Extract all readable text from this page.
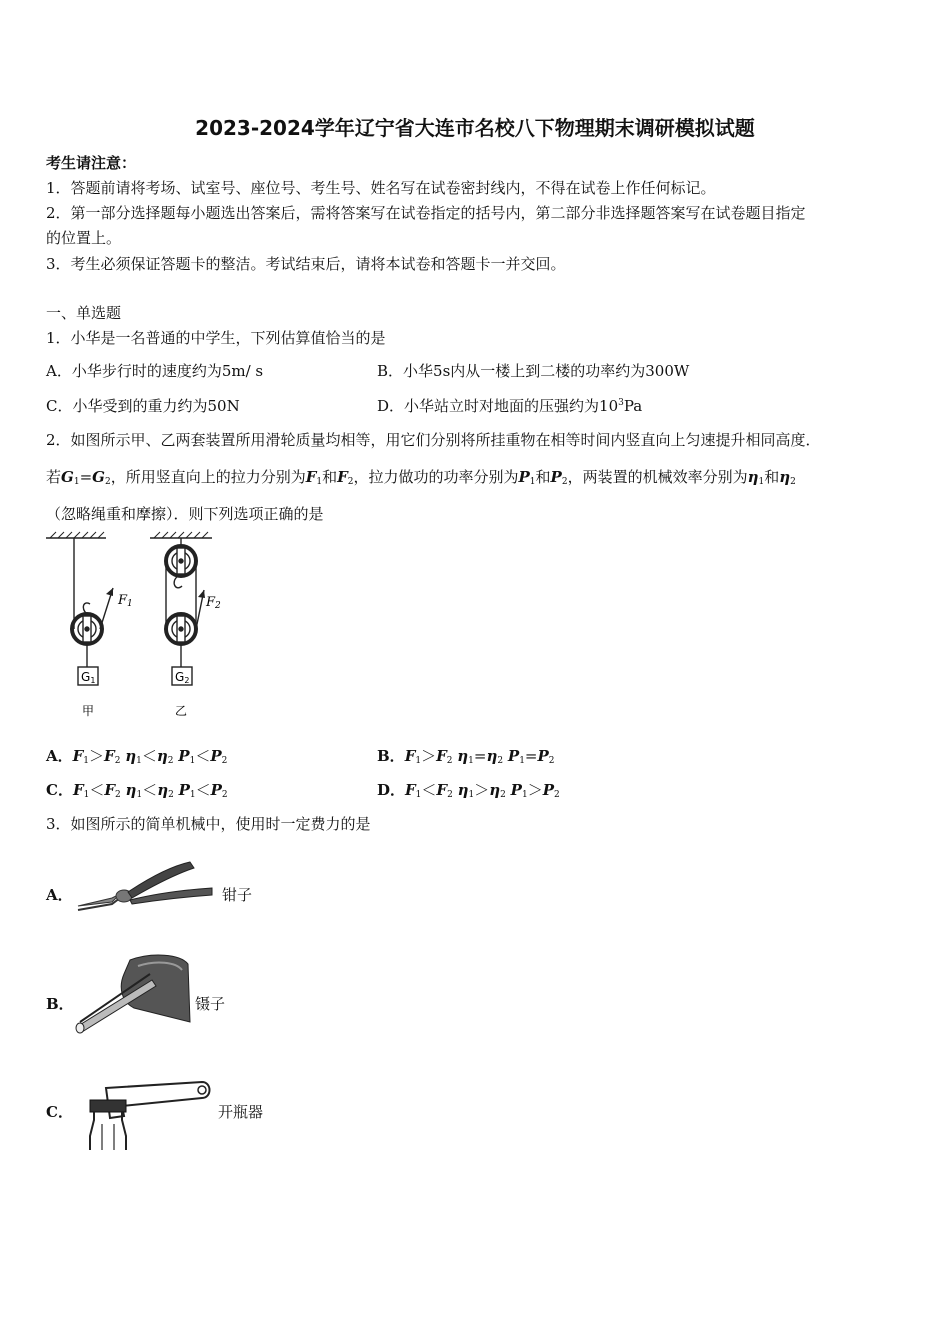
2023-2024学年辽宁省大连市名校八下物理期末调研模拟试题
考生请注意：
1．答题前请将考场、试室号、座位号、考生号、姓名写在试卷密封线内，不得在试卷上作任何标记。
2．第一部分选择题每小题选出答案后，需将答案写在试卷指定的括号内，第二部分非选择题答案写在试卷题目指定
的位置上。
3．考生必须保证答题卡的整洁。考试结束后，请将本试卷和答题卡一并交回。
一、单选题
1．小华是一名普通的中学生，下列估算值恰当的是
A．小华步行时的速度约为5m/ s	B．小华5s内从一楼上到二楼的功率约为300W
C．小华受到的重力约为50N	D．小华站立时对地面的压强约为$10^3Pa$
2．如图所示甲、乙两套装置所用滑轮质量均相等，用它们分别将所挂重物在相等时间内竖直向上匀速提升相同高度．
若$G_1=G_2$，所用竖直向上的拉力分别为$F_1$和$F_2$，拉力做功的功率分别为$P_1$和$P_2$，两装置的机械效率分别为$\eta_1$和$\eta_2$
（忽略绳重和摩擦）．则下列选项正确的是
F1	F2
G1	G2
甲	乙
A．$F_1>F_2$ $\eta_1<\eta_2$ $P_1<P_2$	B．$F_1>F_2$ $\eta_1=\eta_2$ $P_1=P_2$
C．$F_1<F_2$ $\eta_1<\eta_2$ $P_1<P_2$	D．$F_1<F_2$ $\eta_1>\eta_2$ $P_1>P_2$
3．如图所示的简单机械中，使用时一定费力的是
A．	钳子
B．	镊子
C．	开瓶器
